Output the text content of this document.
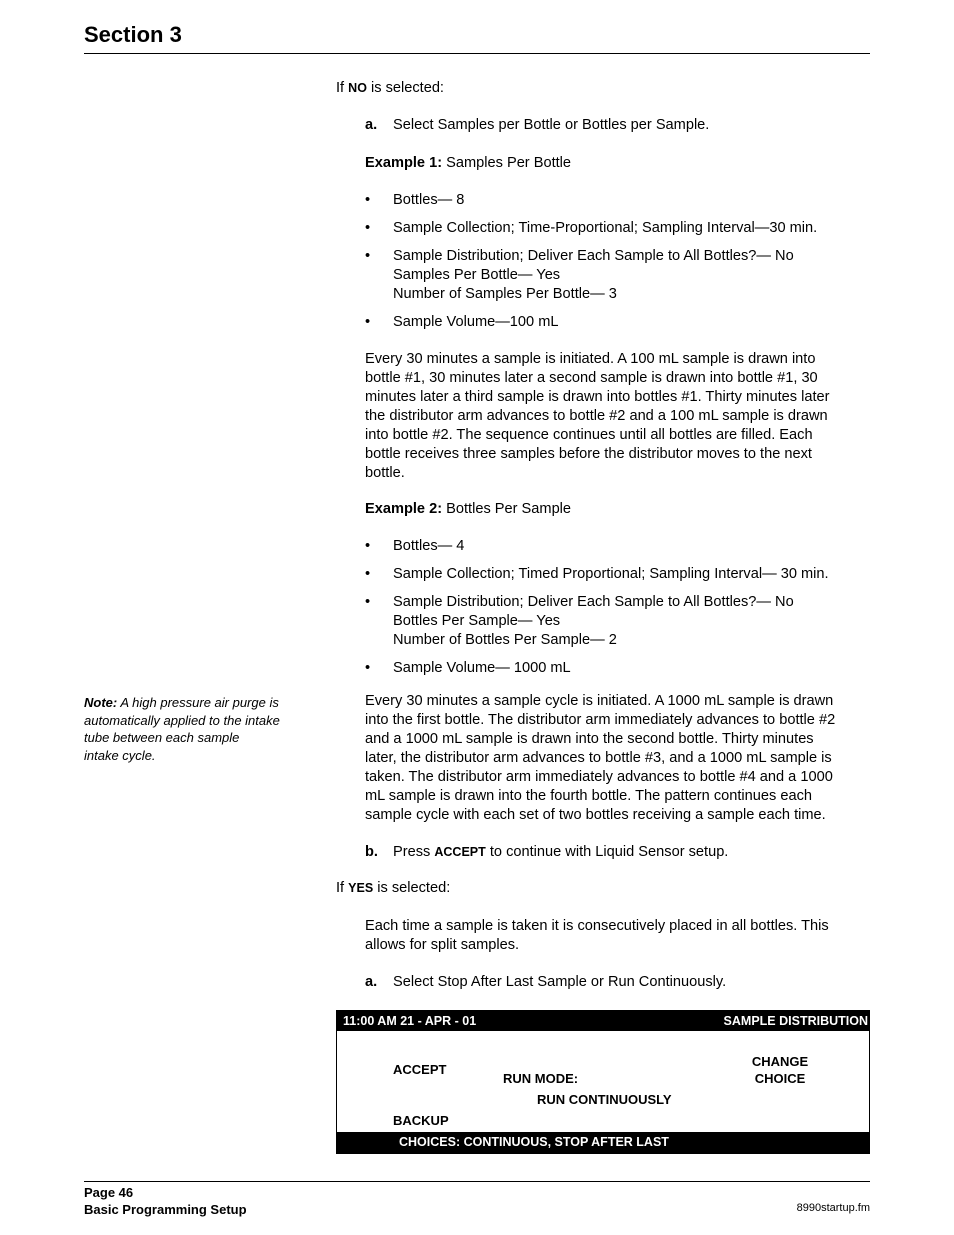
Section 3
If NO is selected:
a. Select Samples per Bottle or Bottles per Sample.
Example 1: Samples Per Bottle
• Bottles— 8
• Sample Collection; Time-Proportional; Sampling Interval—30 min.
• Sample Distribution; Deliver Each Sample to All Bottles?— No
Samples Per Bottle— Yes
Number of Samples Per Bottle— 3
• Sample Volume—100 mL
Every 30 minutes a sample is initiated. A 100 mL sample is drawn into
bottle #1, 30 minutes later a second sample is drawn into bottle #1, 30
minutes later a third sample is drawn into bottles #1. Thirty minutes later
the distributor arm advances to bottle #2 and a 100 mL sample is drawn
into bottle #2. The sequence continues until all bottles are filled. Each
bottle receives three samples before the distributor moves to the next
bottle.
Example 2: Bottles Per Sample
• Bottles— 4
• Sample Collection; Timed Proportional; Sampling Interval— 30 min.
• Sample Distribution; Deliver Each Sample to All Bottles?— No
Bottles Per Sample— Yes
Number of Bottles Per Sample— 2
• Sample Volume— 1000 mL
Note: A high pressure air purge is
automatically applied to the intake
tube between each sample
intake cycle.
Every 30 minutes a sample cycle is initiated. A 1000 mL sample is drawn
into the first bottle. The distributor arm immediately advances to bottle #2
and a 1000 mL sample is drawn into the second bottle. Thirty minutes
later, the distributor arm advances to bottle #3, and a 1000 mL sample is
taken. The distributor arm immediately advances to bottle #4 and a 1000
mL sample is drawn into the fourth bottle. The pattern continues each
sample cycle with each set of two bottles receiving a sample each time.
b. Press ACCEPT to continue with Liquid Sensor setup.
If YES is selected:
Each time a sample is taken it is consecutively placed in all bottles. This
allows for split samples.
a. Select Stop After Last Sample or Run Continuously.
11:00 AM 21 - APR - 01	SAMPLE DISTRIBUTION
ACCEPT
BACKUP
CHANGE
CHOICE
RUN MODE:
RUN CONTINUOUSLY
CHOICES: CONTINUOUS, STOP AFTER LAST
Page 46
Basic Programming Setup	8990startup.fm
